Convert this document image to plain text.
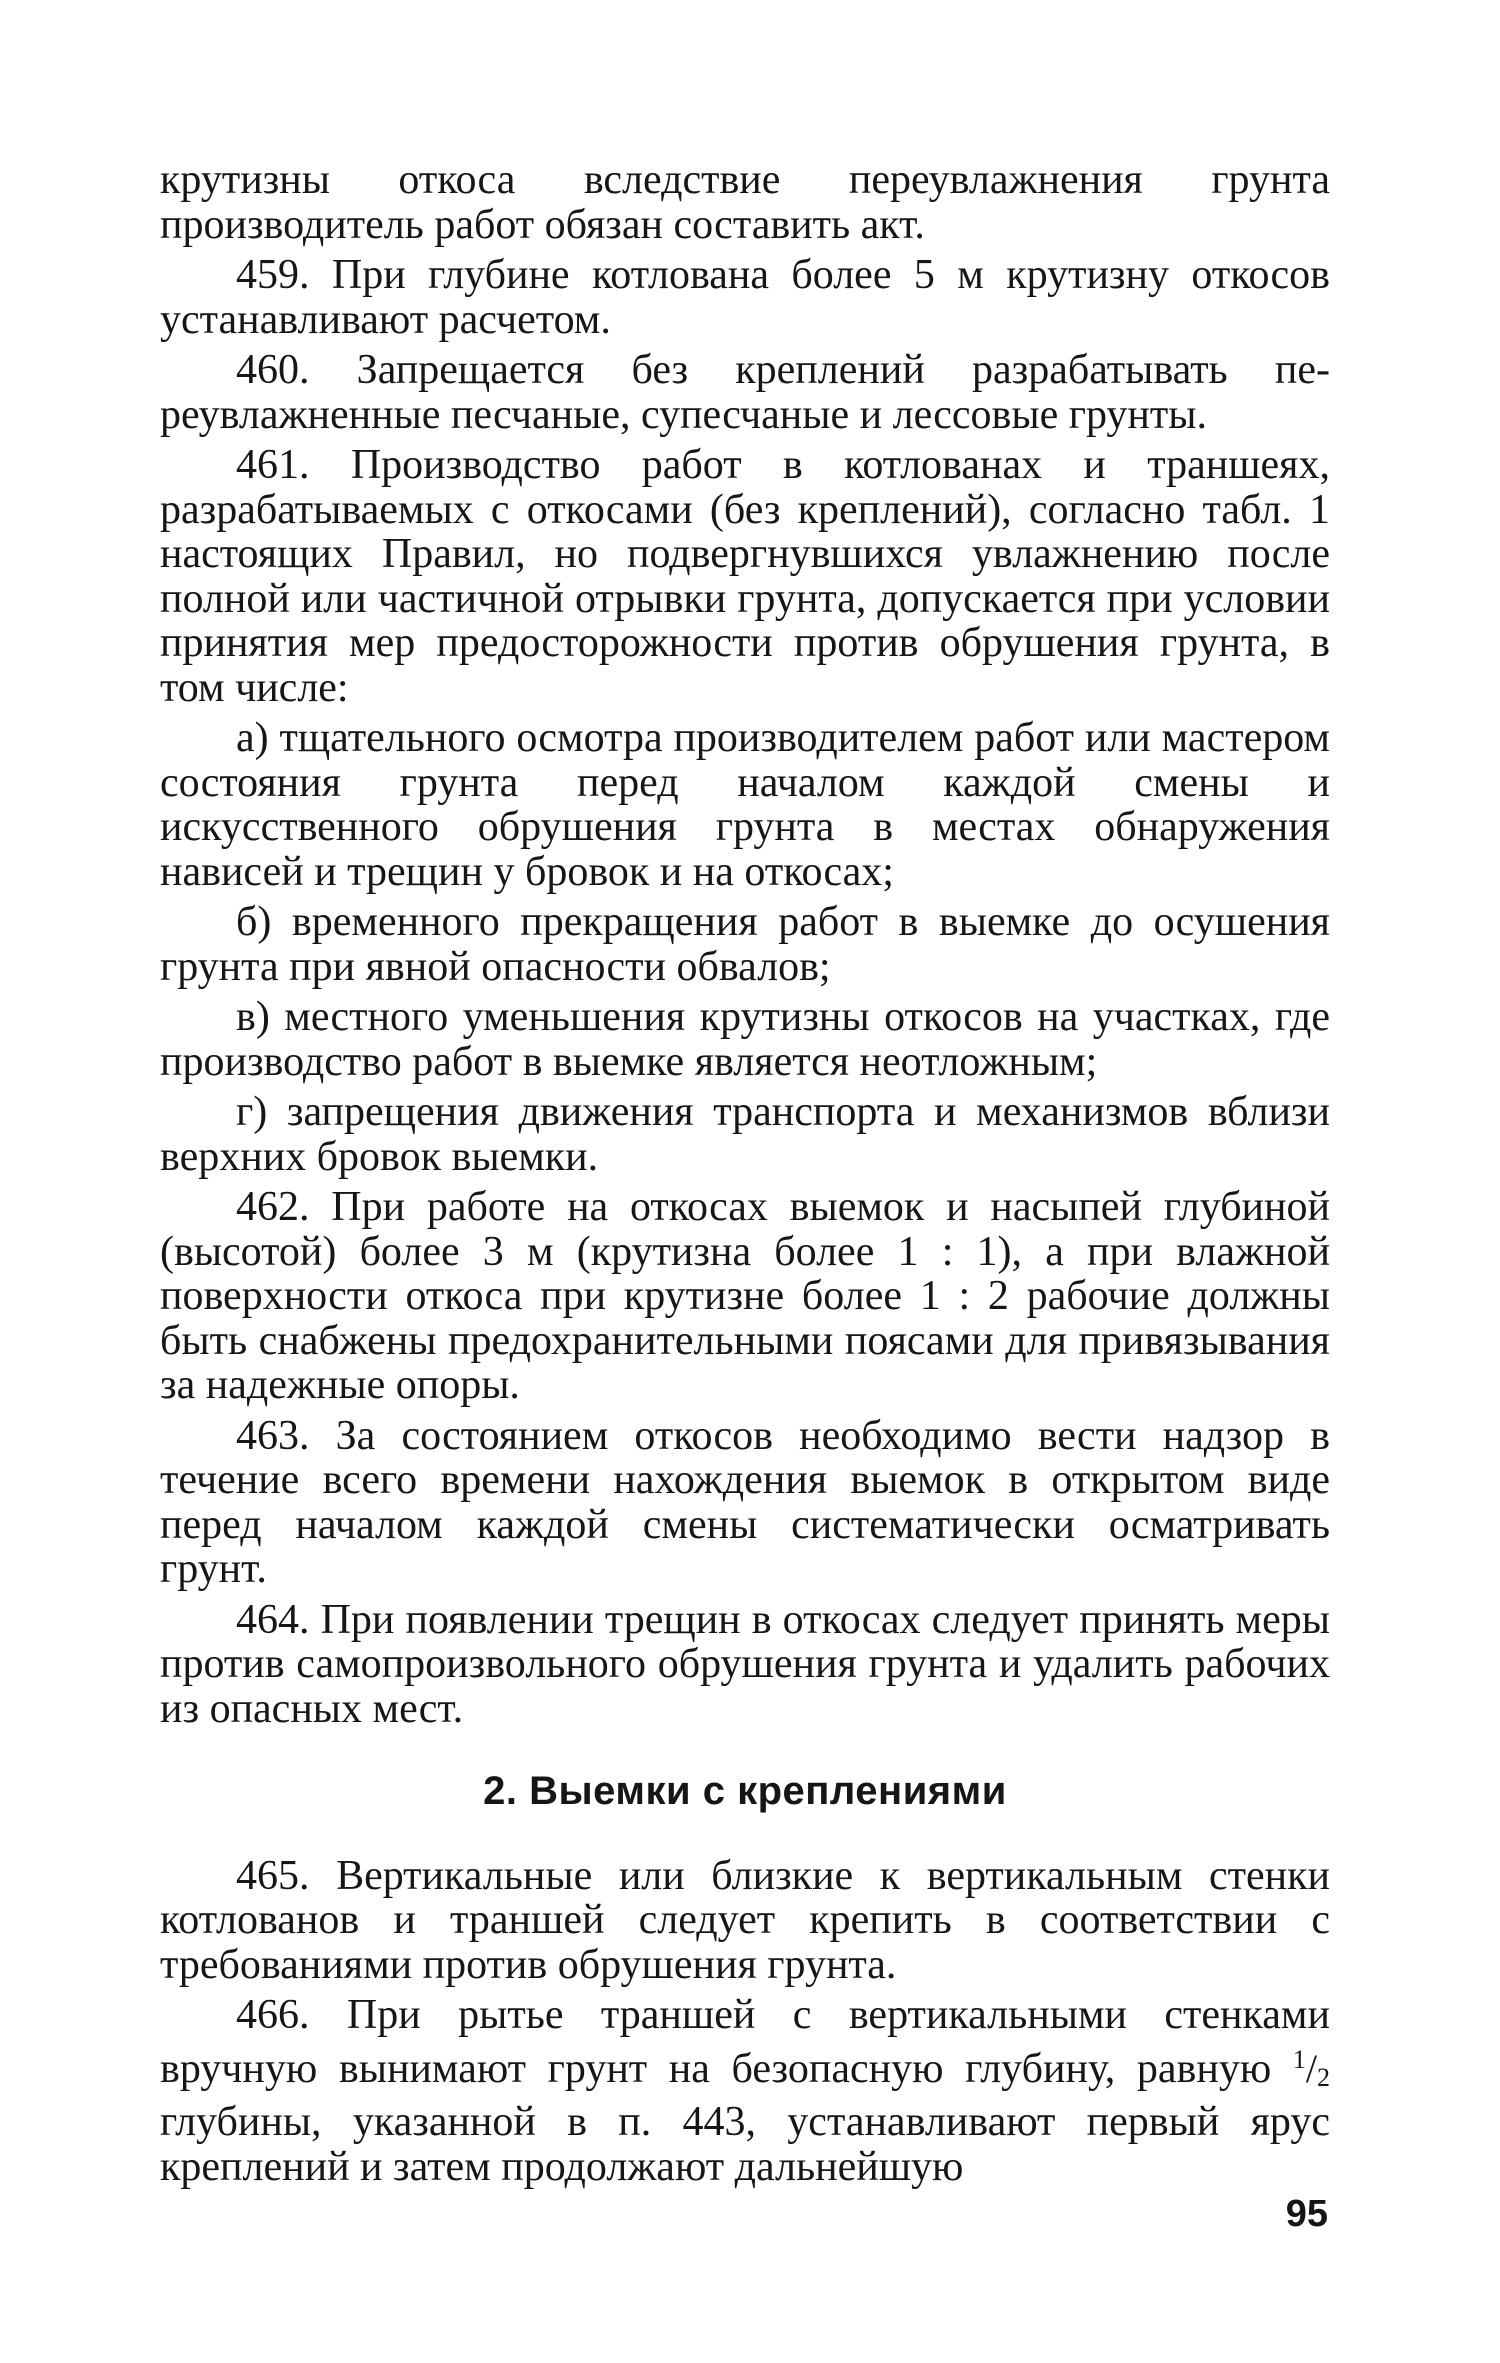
крутизны откоса вследствие переувлажнения грунта производитель работ обязан составить акт.

459. При глубине котлована более 5 м крутизну откосов устанавливают расчетом.

460. Запрещается без креплений разрабатывать переувлажненные песчаные, супесчаные и лессовые грунты.

461. Производство работ в котлованах и траншеях, разрабатываемых с откосами (без креплений), согласно табл. 1 настоящих Правил, но подвергнувшихся увлажнению после полной или частичной отрывки грунта, допускается при условии принятия мер предосторожности против обрушения грунта, в том числе:

а) тщательного осмотра производителем работ или мастером состояния грунта перед началом каждой смены и искусственного обрушения грунта в местах обнаружения нависей и трещин у бровок и на откосах;

б) временного прекращения работ в выемке до осушения грунта при явной опасности обвалов;

в) местного уменьшения крутизны откосов на участках, где производство работ в выемке является неотложным;

г) запрещения движения транспорта и механизмов вблизи верхних бровок выемки.

462. При работе на откосах выемок и насыпей глубиной (высотой) более 3 м (крутизна более 1 : 1), а при влажной поверхности откоса при крутизне более 1 : 2 рабочие должны быть снабжены предохранительными поясами для привязывания за надежные опоры.

463. За состоянием откосов необходимо вести надзор в течение всего времени нахождения выемок в открытом виде перед началом каждой смены систематически осматривать грунт.

464. При появлении трещин в откосах следует принять меры против самопроизвольного обрушения грунта и удалить рабочих из опасных мест.

2. Выемки с креплениями

465. Вертикальные или близкие к вертикальным стенки котлованов и траншей следует крепить в соответствии с требованиями против обрушения грунта.

466. При рытье траншей с вертикальными стенками вручную вынимают грунт на безопасную глубину, равную $^1/_2$ глубины, указанной в п. 443, устанавливают первый ярус креплений и затем продолжают дальнейшую

95
